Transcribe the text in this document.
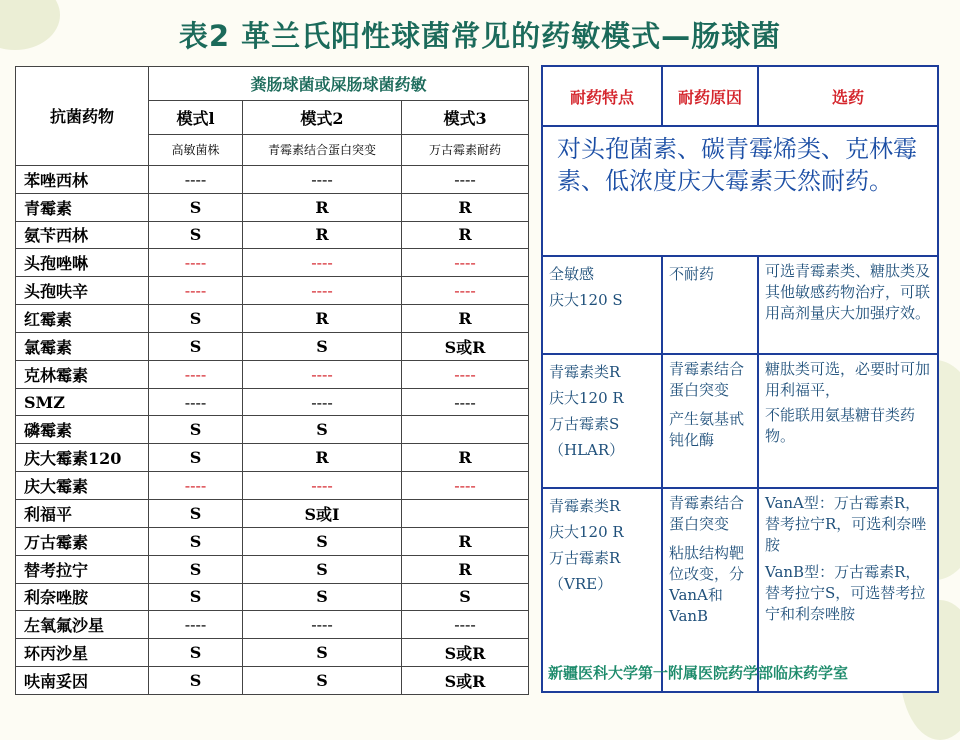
表2 革兰氏阳性球菌常见的药敏模式—肠球菌
抗菌药物	粪肠球菌或屎肠球菌药敏		
	模式l	模式2	模式3
	高敏菌株	青霉素结合蛋白突变	万古霉素耐药
苯唑西林	----	----	----
青霉素	S	R	R
氨苄西林	S	R	R
头孢唑啉	----	----	----
头孢呋辛	----	----	----
红霉素	S	R	R
氯霉素	S	S	S或R
克林霉素	----	----	----
SMZ	----	----	----
磷霉素	S	S	
庆大霉素120	S	R	R
庆大霉素	----	----	----
利福平	S	S或I	
万古霉素	S	S	R
替考拉宁	S	S	R
利奈唑胺	S	S	S
左氧氟沙星	----	----	----
环丙沙星	S	S	S或R
呋南妥因	S	S	S或R
耐药特点	耐药原因	选药
对头孢菌素、碳青霉烯类、克林霉素、低浓度庆大霉素天然耐药。		

全敏感
庆大120 S	不耐药	可选青霉素类、糖肽类及其他敏感药物治疗，可联用高剂量庆大加强疗效。

青霉素类R
庆大120 R
万古霉素S
（HLAR）	青霉素结合蛋白突变
产生氨基甙钝化酶	糖肽类可选，必要时可加用利福平，
不能联用氨基糖苷类药物。

青霉素类R
庆大120 R
万古霉素R
（VRE）	青霉素结合蛋白突变
粘肽结构靶位改变，分 VanA和 VanB	VanA型：万古霉素R，替考拉宁R，可选利奈唑胺
VanB型：万古霉素R，替考拉宁S，可选替考拉宁和利奈唑胺
新疆医科大学第一附属医院药学部临床药学室
